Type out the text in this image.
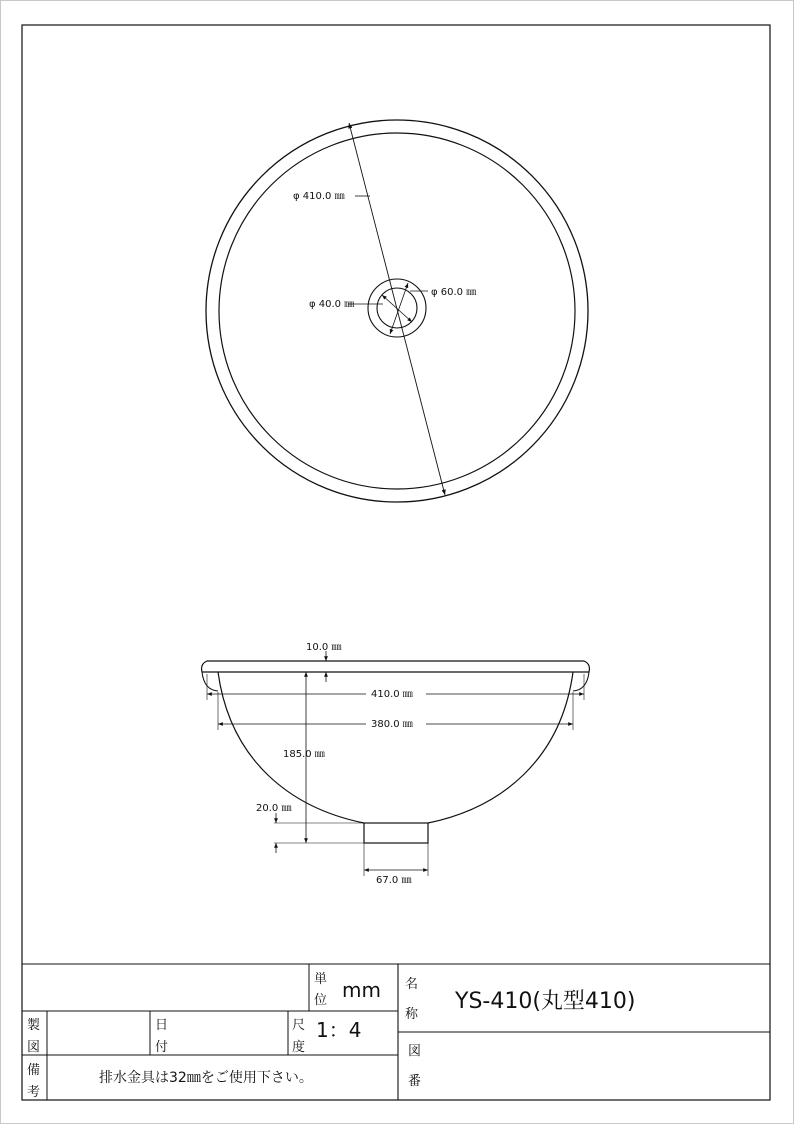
φ 410.0 ㎜
φ 40.0 ㎜
φ 60.0 ㎜
10.0 ㎜
410.0 ㎜
380.0 ㎜
185.0 ㎜
20.0 ㎜
67.0 ㎜
単
位 mm 名
称
YS-410(丸型410)
製
図
日
付
尺
度
1：4
図
番
備
考
排水金具は32㎜をご使用下さい。
